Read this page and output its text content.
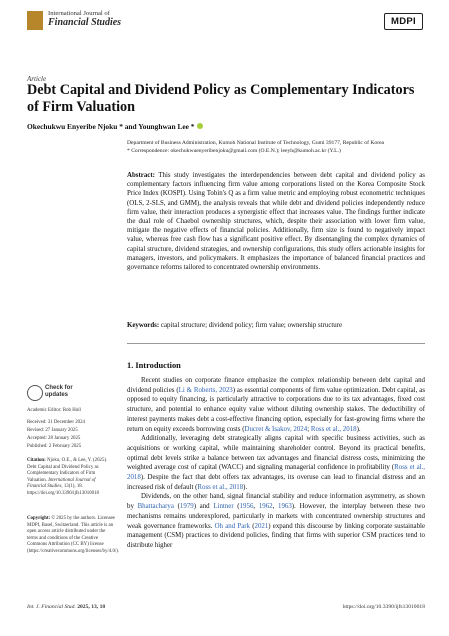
International Journal of
Financial Studies	MDPI
Article
Debt Capital and Dividend Policy as Complementary Indicators of Firm Valuation
Okechukwu Enyeribe Njoku * and Younghwan Lee *
Department of Business Administration, Kumoh National Institute of Technology, Gumi 39177, Republic of Korea
* Correspondence: okechukwuenyeribenjoku@gmail.com (O.E.N.); leeyh@kumoh.ac.kr (Y.L.)
Abstract: This study investigates the interdependencies between debt capital and dividend policy as complementary factors influencing firm value among corporations listed on the Korea Composite Stock Price Index (KOSPI). Using Tobin's Q as a firm value metric and employing robust econometric techniques (OLS, 2-SLS, and GMM), the analysis reveals that while debt and dividend policies independently reduce firm value, their interaction produces a synergistic effect that increases value. The findings further indicate the dual role of Chaebol ownership structures, which, despite their association with lower firm value, mitigate the negative effects of financial policies. Additionally, firm size is found to negatively impact value, whereas free cash flow has a significant positive effect. By disentangling the complex dynamics of capital structure, dividend strategies, and ownership configurations, this study offers actionable insights for managers, investors, and policymakers. It emphasizes the importance of balanced financial practices and governance reforms tailored to concentrated ownership environments.
Keywords: capital structure; dividend policy; firm value; ownership structure
1. Introduction

Recent studies on corporate finance emphasize the complex relationship between debt capital and dividend policies (Li & Roberts, 2023) as essential components of firm value optimization. Debt capital, as opposed to equity financing, is particularly attractive to corporations due to its tax advantages, fixed cost structure, and potential to enhance equity value without diluting ownership stakes. The deductibility of interest payments makes debt a cost-effective financing option, especially for fast-growing firms where the return on equity exceeds borrowing costs (Ducret & Isakov, 2024; Ross et al., 2018).

Additionally, leveraging debt strategically aligns capital with specific business activities, such as acquisitions or working capital, while maintaining shareholder control. Beyond its practical benefits, optimal debt levels strike a balance between tax advantages and financial distress costs, minimizing the weighted average cost of capital (WACC) and signaling managerial confidence in profitability (Ross et al., 2018). Despite the fact that debt offers tax advantages, its overuse can lead to financial distress and an increased risk of default (Ross et al., 2018).

Dividends, on the other hand, signal financial stability and reduce information asymmetry, as shown by Bhattacharya (1979) and Lintner (1956, 1962, 1963). However, the interplay between these two mechanisms remains underexplored, particularly in markets with concentrated ownership structures and weak governance frameworks. Oh and Park (2021) expand this discourse by linking corporate sustainable management (CSM) practices to dividend policies, finding that firms with superior CSM practices tend to distribute higher

Check for
updates
Academic Editor: Rob Hull
Received: 31 December 2024
Revised: 27 January 2025
Accepted: 28 January 2025
Published: 2 February 2025
Citation: Njoku, O.E., & Lee, Y. (2025). Debt Capital and Dividend Policy as Complementary Indicators of Firm Valuation. International Journal of Financial Studies, 13(1), 18. https://doi.org/10.3390/ijfs13010018
Copyright: © 2025 by the authors. Licensee MDPI, Basel, Switzerland. This article is an open access article distributed under the terms and conditions of the Creative Commons Attribution (CC BY) license (https://creativecommons.org/licenses/by/4.0/).
Int. J. Financial Stud. 2025, 13, 18	https://doi.org/10.3390/ijfs13010018
